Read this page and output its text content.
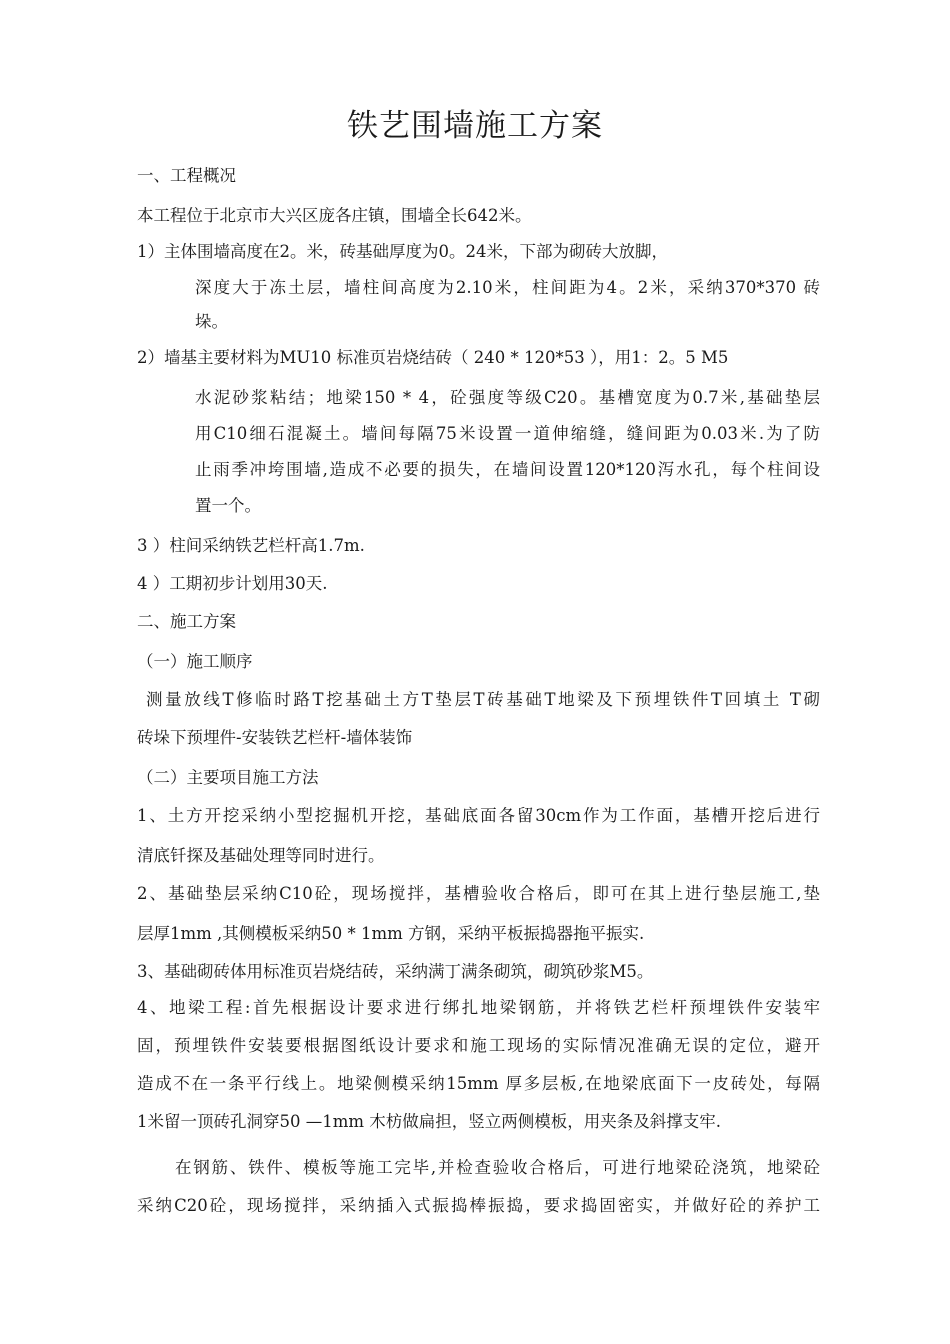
铁艺围墙施工方案
一、工程概况
本工程位于北京市大兴区庞各庄镇，围墙全长642米。
1）主体围墙高度在2。米，砖基础厚度为0。24米，下部为砌砖大放脚，
深度大于冻土层，墙柱间高度为2.10米，柱间距为4。2米，采纳370*370 砖
垛。
2）墙基主要材料为MU10 标准页岩烧结砖（ 240 * 120*53 ），用1：2。5 M5
水泥砂浆粘结；地梁150 * 4，砼强度等级C20。基槽宽度为0.7米,基础垫层
用C10细石混凝土。墙间每隔75米设置一道伸缩缝，缝间距为0.03米.为了防
止雨季冲垮围墙,造成不必要的损失，在墙间设置120*120泻水孔，每个柱间设
置一个。
3 ）柱间采纳铁艺栏杆高1.7m.
4 ）工期初步计划用30天.
二、施工方案
（一）施工顺序
测量放线T修临时路T挖基础土方T垫层T砖基础T地梁及下预埋铁件T回填土 T砌
砖垛下预埋件-安装铁艺栏杆-墙体装饰
（二）主要项目施工方法
1、土方开挖采纳小型挖掘机开挖，基础底面各留30cm作为工作面，基槽开挖后进行
清底钎探及基础处理等同时进行。
2、基础垫层采纳C10砼，现场搅拌，基槽验收合格后，即可在其上进行垫层施工,垫
层厚1mm ,其侧模板采纳50 * 1mm 方钢，采纳平板振捣器拖平振实.
3、基础砌砖体用标准页岩烧结砖，采纳满丁满条砌筑，砌筑砂浆M5。
4、地梁工程:首先根据设计要求进行绑扎地梁钢筋，并将铁艺栏杆预埋铁件安装牢
固，预埋铁件安装要根据图纸设计要求和施工现场的实际情况准确无误的定位，避开
造成不在一条平行线上。地梁侧模采纳15mm 厚多层板,在地梁底面下一皮砖处，每隔
1米留一顶砖孔洞穿50 —1mm 木枋做扁担，竖立两侧模板，用夹条及斜撑支牢.
在钢筋、铁件、模板等施工完毕,并检查验收合格后，可进行地梁砼浇筑，地梁砼
采纳C20砼，现场搅拌，采纳插入式振捣棒振捣，要求捣固密实，并做好砼的养护工
